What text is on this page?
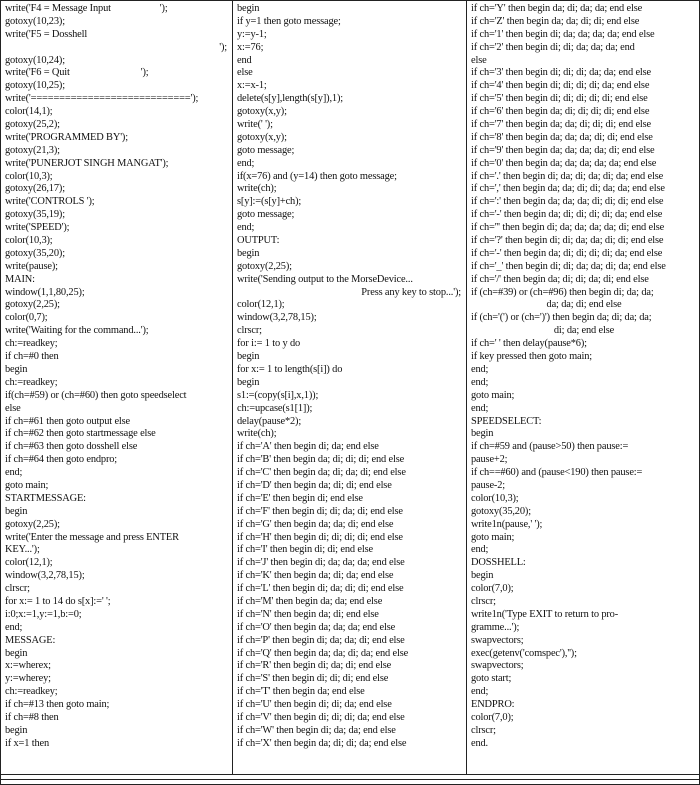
write('F4 = Message Input                    ');
gotoxy(10,23);
write('F5 = Dosshell
');
gotoxy(10,24);
write('F6 = Quit                             ');
gotoxy(10,25);
write('============================');
color(14,1);
gotoxy(25,2);
write('PROGRAMMED BY');
gotoxy(21,3);
write('PUNERJOT SINGH MANGAT');
color(10,3);
gotoxy(26,17);
write('CONTROLS ');
gotoxy(35,19);
write('SPEED');
color(10,3);
gotoxy(35,20);
write(pause);
MAIN:
window(1,1,80,25);
gotoxy(2,25);
color(0,7);
write('Waiting for the command...');
ch:=readkey;
if ch=#0 then
begin
ch:=readkey;
if(ch=#59) or (ch=#60) then goto speedselect
else
if ch=#61 then goto output else
if ch=#62 then goto startmessage else
if ch=#63 then goto dosshell else
if ch=#64 then goto endpro;
end;
goto main;
STARTMESSAGE:
begin
gotoxy(2,25);
write('Enter the message and press ENTER
KEY...');
color(12,1);
window(3,2,78,15);
clrscr;
for x:= 1 to 14 do s[x]:=' ';
i:0;x:=1,y:=1,b:=0;
end;
MESSAGE:
begin
x:=wherex;
y:=wherey;
ch:=readkey;
if ch=#13 then goto main;
if ch=#8 then
begin
if x=1 then
begin
if y=1 then goto message;
y:=y-1;
x:=76;
end
else
x:=x-1;
delete(s[y],length(s[y]),1);
gotoxy(x,y);
write(' ');
gotoxy(x,y);
goto message;
end;
if(x=76) and (y=14) then goto message;
write(ch);
s[y]:=(s[y]+ch);
goto message;
end;
OUTPUT:
begin
gotoxy(2,25);
write('Sending output to the MorseDevice...
Press any key to stop...');
color(12,1);
window(3,2,78,15);
clrscr;
for i:= 1 to y do
begin
for x:= 1 to length(s[i]) do
begin
s1:=(copy(s[i],x,1));
ch:=upcase(s1[1]);
delay(pause*2);
write(ch);
if ch='A' then begin di; da; end else
if ch='B' then begin da; di; di; di; end else
if ch='C' then begin da; di; da; di; end else
if ch='D' then begin da; di; di; end else
if ch='E' then begin di; end else
if ch='F' then begin di; di; da; di; end else
if ch='G' then begin da; da; di; end else
if ch='H' then begin di; di; di; di; end else
if ch='I' then begin di; di; end else
if ch='J' then begin di; da; da; da; end else
if ch='K' then begin da; di; da; end else
if ch='L' then begin di; da; di; di; end else
if ch='M' then begin da; da; end else
if ch='N' then begin da; di; end else
if ch='O' then begin da; da; da; end else
if ch='P' then begin di; da; da; di; end else
if ch='Q' then begin da; da; di; da; end else
if ch='R' then begin di; da; di; end else
if ch='S' then begin di; di; di; end else
if ch='T' then begin da; end else
if ch='U' then begin di; di; da; end else
if ch='V' then begin di; di; di; da; end else
if ch='W' then begin di; da; da; end else
if ch='X' then begin da; di; di; da; end else
if ch='Y' then begin da; di; da; da; end else
if ch='Z' then begin da; da; di; di; end else
if ch='1' then begin di; da; da; da; da; end else
if ch='2' then begin di; di; da; da; da; end
else
if ch='3' then begin di; di; di; da; da; end else
if ch='4' then begin di; di; di; di; da; end else
if ch='5' then begin di; di; di; di; di; end else
if ch='6' then begin da; di; di; di; di; end else
if ch='7' then begin da; da; di; di; di; end else
if ch='8' then begin da; da; da; di; di; end else
if ch='9' then begin da; da; da; da; di; end else
if ch='0' then begin da; da; da; da; da; end else
if ch='.' then begin di; da; di; da; di; da; end else
if ch=',' then begin da; da; di; di; da; da; end else
if ch=':' then begin da; da; da; di; di; di; end else
if ch='-' then begin da; di; di; di; di; da; end else
if ch=''' then begin di; da; da; da; da; di; end else
if ch='?' then begin di; di; da; da; di; di; end else
if ch='-' then begin da; di; di; di; di; da; end else
if ch='_' then begin di; di; da; da; di; da; end else
if ch='/' then begin da; di; di; da; di; end else
if (ch=#39) or (ch=#96) then begin di; da; da;
da; da; di; end else
if (ch='(') or (ch=')') then begin da; di; da; da;
di; da; end else
if ch=' ' then delay(pause*6);
if key pressed then goto main;
end;
end;
goto main;
end;
SPEEDSELECT:
begin
if ch=#59 and (pause>50) then pause:=
pause+2;
if ch==#60) and (pause<190) then pause:=
pause-2;
color(10,3);
gotoxy(35,20);
write1n(pause,' ');
goto main;
end;
DOSSHELL:
begin
color(7,0);
clrscr;
write1n('Type EXIT to return to pro-
gramme...');
swapvectors;
exec(getenv('comspec'),'');
swapvectors;
goto start;
end;
ENDPRO:
color(7,0);
clrscr;
end.
